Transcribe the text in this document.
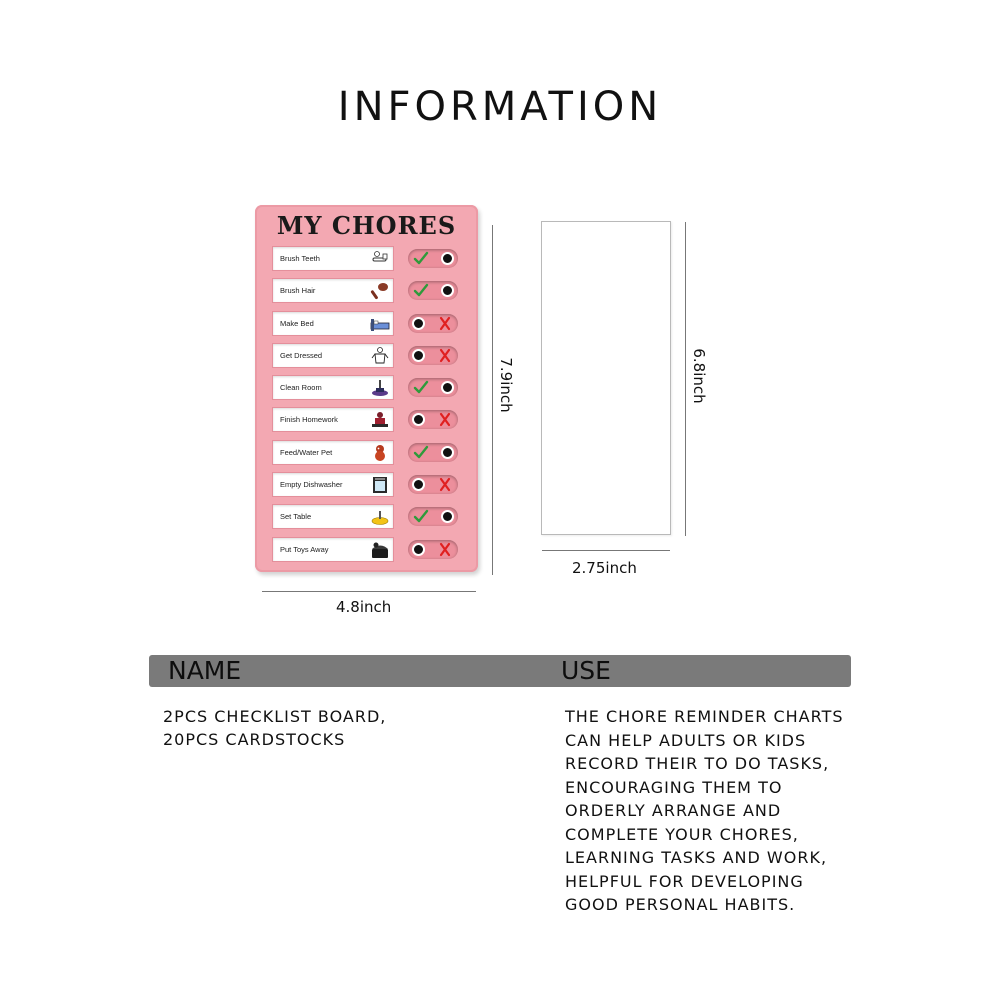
INFORMATION
MY CHORES
Brush Teeth
Brush Hair
Make Bed
Get Dressed
Clean Room
Finish Homework
Feed/Water Pet
Empty Dishwasher
Set Table
Put Toys Away
4.8inch
7.9inch
2.75inch
6.8inch
NAME	USE
2PCS CHECKLIST BOARD,
20PCS CARDSTOCKS
THE CHORE REMINDER CHARTS
CAN HELP ADULTS OR KIDS
RECORD THEIR TO DO TASKS,
ENCOURAGING THEM TO
ORDERLY ARRANGE AND
COMPLETE YOUR CHORES,
LEARNING TASKS AND WORK,
HELPFUL FOR DEVELOPING
GOOD PERSONAL HABITS.
